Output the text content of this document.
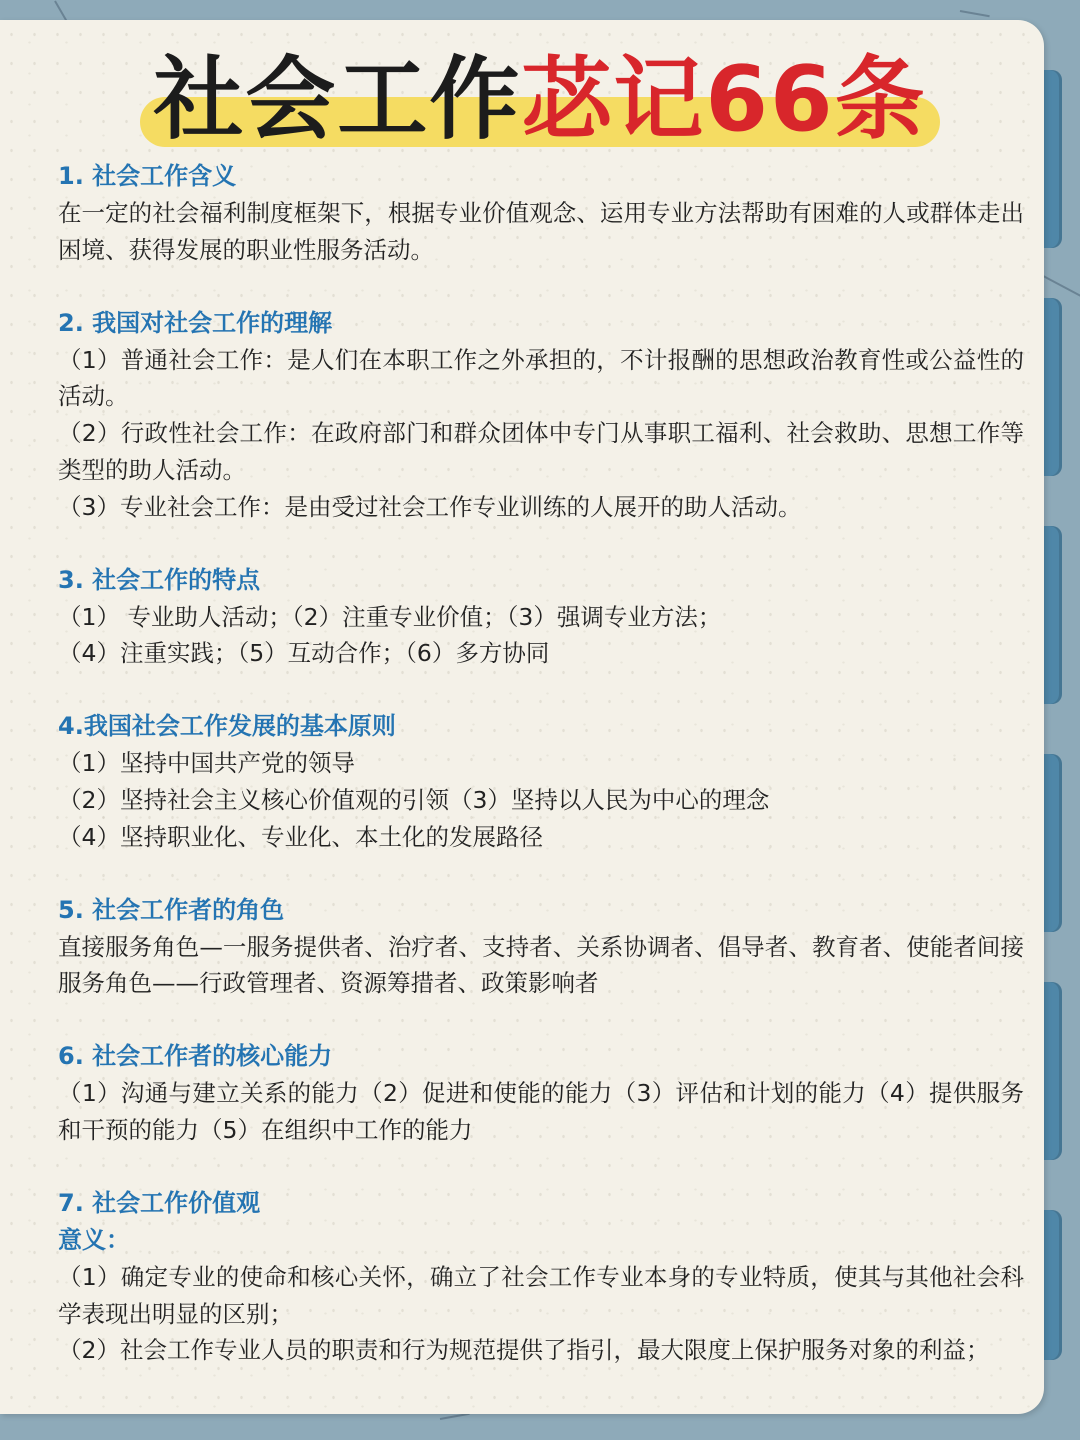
社会工作苾记66条
1. 社会工作含义
在一定的社会福利制度框架下，根据专业价值观念、运用专业方法帮助有困难的人或群体走出困境、获得发展的职业性服务活动。
2. 我国对社会工作的理解
（1）普通社会工作：是人们在本职工作之外承担的，不计报酬的思想政治教育性或公益性的活动。
（2）行政性社会工作：在政府部门和群众团体中专门从事职工福利、社会救助、思想工作等类型的助人活动。
（3）专业社会工作：是由受过社会工作专业训练的人展开的助人活动。
3. 社会工作的特点
（1） 专业助人活动；（2）注重专业价值；（3）强调专业方法；
（4）注重实践；（5）互动合作；（6）多方协同
4.我国社会工作发展的基本原则
（1）坚持中国共产党的领导
（2）坚持社会主义核心价值观的引领（3）坚持以人民为中心的理念
（4）坚持职业化、专业化、本土化的发展路径
5. 社会工作者的角色
直接服务角色—一服务提供者、治疗者、支持者、关系协调者、倡导者、教育者、使能者间接服务角色——行政管理者、资源筹措者、政策影响者
6. 社会工作者的核心能力
（1）沟通与建立关系的能力（2）促进和使能的能力（3）评估和计划的能力（4）提供服务和干预的能力（5）在组织中工作的能力
7. 社会工作价值观
意义：
（1）确定专业的使命和核心关怀，确立了社会工作专业本身的专业特质，使其与其他社会科学表现出明显的区别；
（2）社会工作专业人员的职责和行为规范提供了指引，最大限度上保护服务对象的利益；
